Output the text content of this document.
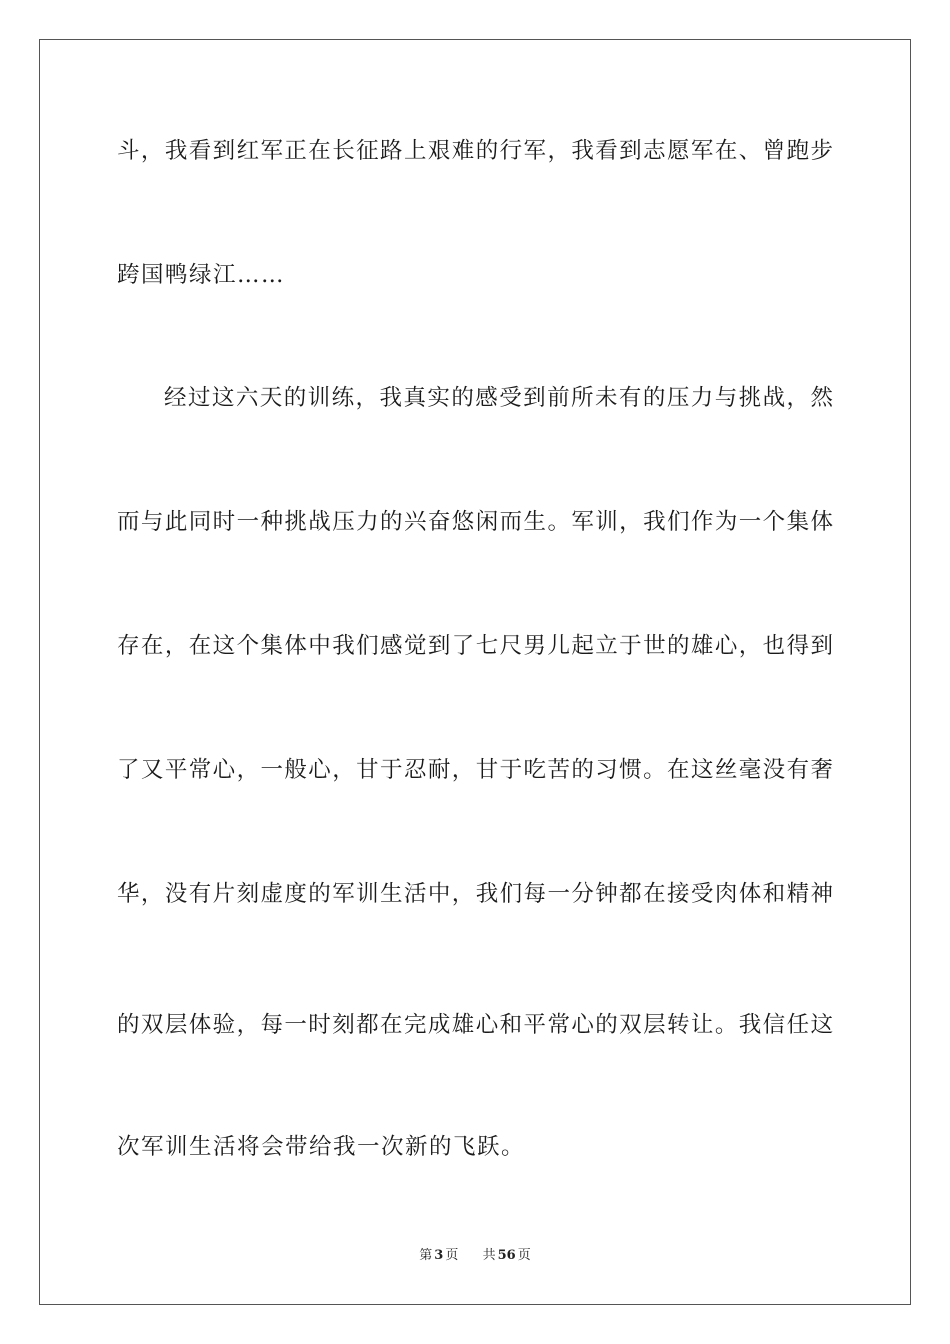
斗，我看到红军正在长征路上艰难的行军，我看到志愿军在、曾跑步
跨国鸭绿江……
经过这六天的训练，我真实的感受到前所未有的压力与挑战，然
而与此同时一种挑战压力的兴奋悠闲而生。军训，我们作为一个集体
存在，在这个集体中我们感觉到了七尺男儿起立于世的雄心，也得到
了又平常心，一般心，甘于忍耐，甘于吃苦的习惯。在这丝毫没有奢
华，没有片刻虚度的军训生活中，我们每一分钟都在接受肉体和精神
的双层体验，每一时刻都在完成雄心和平常心的双层转让。我信任这
次军训生活将会带给我一次新的飞跃。
第 3 页 共 56 页
